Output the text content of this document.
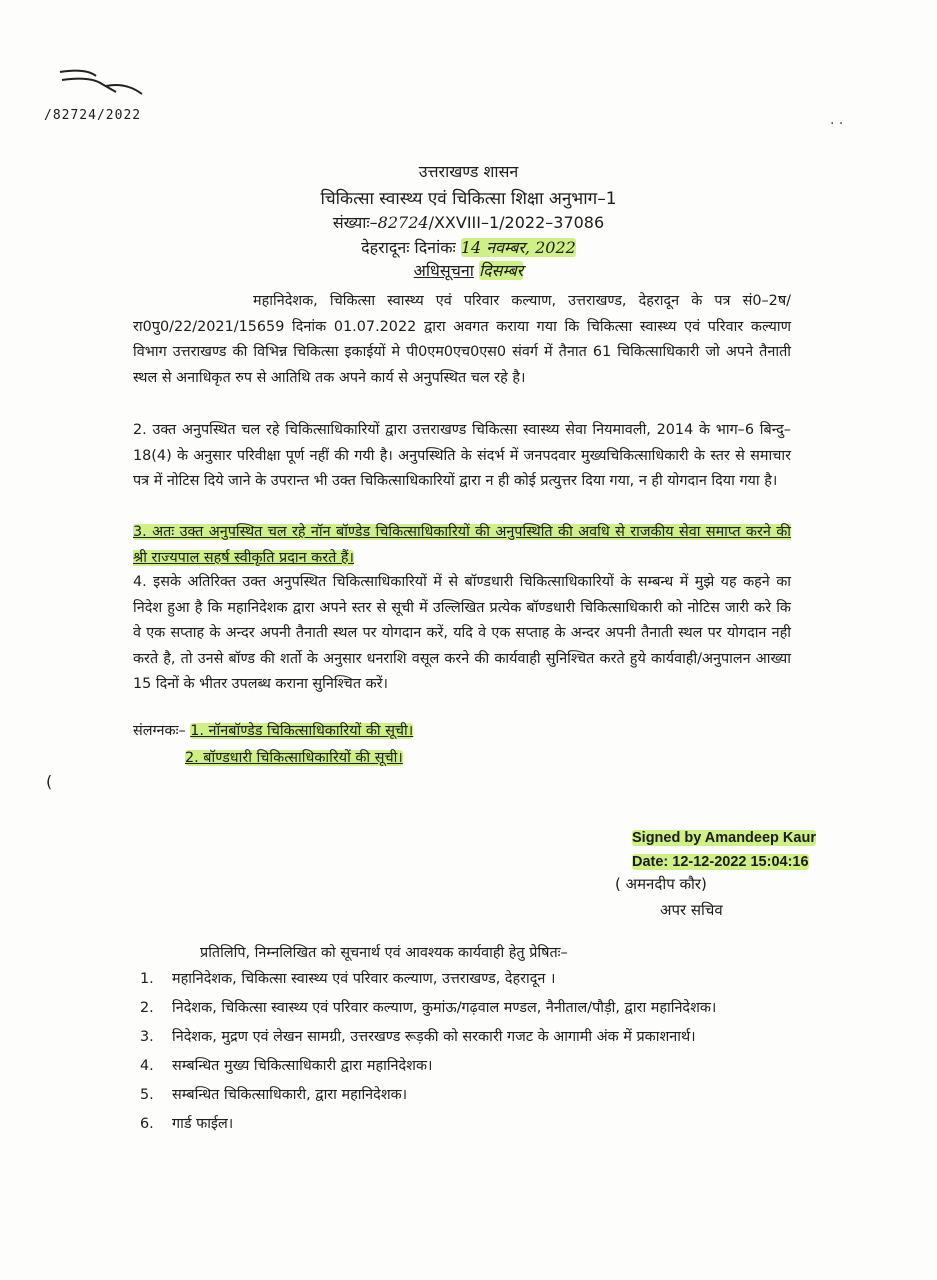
/82724/2022	. .
उत्तराखण्ड शासन
चिकित्सा स्वास्थ्य एवं चिकित्सा शिक्षा अनुभाग–1
संख्याः–82724/XXVIII–1/2022–37086
देहरादूनः दिनांकः 14 नवम्बर, 2022
अधिसूचना दिसम्बर
महानिदेशक, चिकित्सा स्वास्थ्य एवं परिवार कल्याण, उत्तराखण्ड, देहरादून के पत्र सं0–2ष/रा0पु0/22/2021/15659 दिनांक 01.07.2022 द्वारा अवगत कराया गया कि चिकित्सा स्वास्थ्य एवं परिवार कल्याण विभाग उत्तराखण्ड की विभिन्न चिकित्सा इकाईयों मे पी0एम0एच0एस0 संवर्ग में तैनात 61 चिकित्साधिकारी जो अपने तैनाती स्थल से अनाधिकृत रुप से आतिथि तक अपने कार्य से अनुपस्थित चल रहे है।
2. उक्त अनुपस्थित चल रहे चिकित्साधिकारियों द्वारा उत्तराखण्ड चिकित्सा स्वास्थ्य सेवा नियमावली, 2014 के भाग–6 बिन्दु–18(4) के अनुसार परिवीक्षा पूर्ण नहीं की गयी है। अनुपस्थिति के संदर्भ में जनपदवार मुख्यचिकित्साधिकारी के स्तर से समाचार पत्र में नोटिस दिये जाने के उपरान्त भी उक्त चिकित्साधिकारियों द्वारा न ही कोई प्रत्युत्तर दिया गया, न ही योगदान दिया गया है।
3. अतः उक्त अनुपस्थित चल रहे नॉन बॉण्डेड चिकित्साधिकारियों की अनुपस्थिति की अवधि से राजकीय सेवा समाप्त करने की श्री राज्यपाल सहर्ष स्वीकृति प्रदान करते हैं।
4. इसके अतिरिक्त उक्त अनुपस्थित चिकित्साधिकारियों में से बॉण्डधारी चिकित्साधिकारियों के सम्बन्ध में मुझे यह कहने का निदेश हुआ है कि महानिदेशक द्वारा अपने स्तर से सूची में उल्लिखित प्रत्येक बॉण्डधारी चिकित्साधिकारी को नोटिस जारी करे कि वे एक सप्ताह के अन्दर अपनी तैनाती स्थल पर योगदान करें, यदि वे एक सप्ताह के अन्दर अपनी तैनाती स्थल पर योगदान नही करते है, तो उनसे बॉण्ड की शर्तो के अनुसार धनराशि वसूल करने की कार्यवाही सुनिश्चित करते हुये कार्यवाही/अनुपालन आख्या 15 दिनों के भीतर उपलब्ध कराना सुनिश्चित करें।
संलग्नकः– 1. नॉनबॉण्डेड चिकित्साधिकारियों की सूची।
2. बॉण्डधारी चिकित्साधिकारियों की सूची।
(
Signed by Amandeep Kaur
Date: 12-12-2022 15:04:16
( अमनदीप कौर)
अपर सचिव
प्रतिलिपि, निम्नलिखित को सूचनार्थ एवं आवश्यक कार्यवाही हेतु प्रेषितः–
1.	महानिदेशक, चिकित्सा स्वास्थ्य एवं परिवार कल्याण, उत्तराखण्ड, देहरादून ।
2.	निदेशक, चिकित्सा स्वास्थ्य एवं परिवार कल्याण, कुमांऊ/गढ़वाल मण्डल, नैनीताल/पौड़ी, द्वारा महानिदेशक।
3.	निदेशक, मुद्रण एवं लेखन सामग्री, उत्तरखण्ड रूड़की को सरकारी गजट के आगामी अंक में प्रकाशनार्थ।
4.	सम्बन्धित मुख्य चिकित्साधिकारी द्वारा महानिदेशक।
5.	सम्बन्धित चिकित्साधिकारी, द्वारा महानिदेशक।
6.	गार्ड फाईल।
